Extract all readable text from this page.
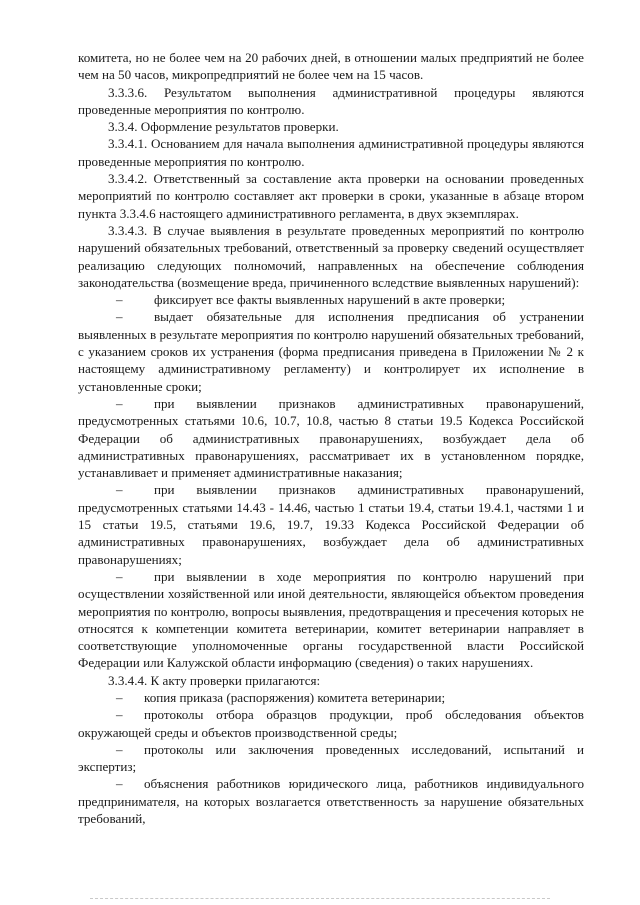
комитета, но не более чем на 20 рабочих дней, в отношении малых предприятий не более чем на 50 часов, микропредприятий не более чем на 15 часов.

3.3.3.6. Результатом выполнения административной процедуры являются проведенные мероприятия по контролю.

3.3.4. Оформление результатов проверки.

3.3.4.1. Основанием для начала выполнения административной процедуры являются проведенные мероприятия по контролю.

3.3.4.2. Ответственный за составление акта проверки на основании проведенных мероприятий по контролю составляет акт проверки в сроки, указанные в абзаце втором пункта 3.3.4.6 настоящего административного регламента, в двух экземплярах.

3.3.4.3. В случае выявления в результате проведенных мероприятий по контролю нарушений обязательных требований, ответственный за проверку сведений осуществляет реализацию следующих полномочий, направленных на обеспечение соблюдения законодательства (возмещение вреда, причиненного вследствие выявленных нарушений):

– фиксирует все факты выявленных нарушений в акте проверки;

– выдает обязательные для исполнения предписания об устранении выявленных в результате мероприятия по контролю нарушений обязательных требований, с указанием сроков их устранения (форма предписания приведена в Приложении № 2 к настоящему административному регламенту) и контролирует их исполнение в установленные сроки;

– при выявлении признаков административных правонарушений, предусмотренных статьями 10.6, 10.7, 10.8, частью 8 статьи 19.5 Кодекса Российской Федерации об административных правонарушениях, возбуждает дела об административных правонарушениях, рассматривает их в установленном порядке, устанавливает и применяет административные наказания;

– при выявлении признаков административных правонарушений, предусмотренных статьями 14.43 - 14.46, частью 1 статьи 19.4, статьи 19.4.1, частями 1 и 15 статьи 19.5, статьями 19.6, 19.7, 19.33 Кодекса Российской Федерации об административных правонарушениях, возбуждает дела об административных правонарушениях;

– при выявлении в ходе мероприятия по контролю нарушений при осуществлении хозяйственной или иной деятельности, являющейся объектом проведения мероприятия по контролю, вопросы выявления, предотвращения и пресечения которых не относятся к компетенции комитета ветеринарии, комитет ветеринарии направляет в соответствующие уполномоченные органы государственной власти Российской Федерации или Калужской области информацию (сведения) о таких нарушениях.

3.3.4.4. К акту проверки прилагаются:

– копия приказа (распоряжения) комитета ветеринарии;

– протоколы отбора образцов продукции, проб обследования объектов окружающей среды и объектов производственной среды;

– протоколы или заключения проведенных исследований, испытаний и экспертиз;

– объяснения работников юридического лица, работников индивидуального предпринимателя, на которых возлагается ответственность за нарушение обязательных требований,
